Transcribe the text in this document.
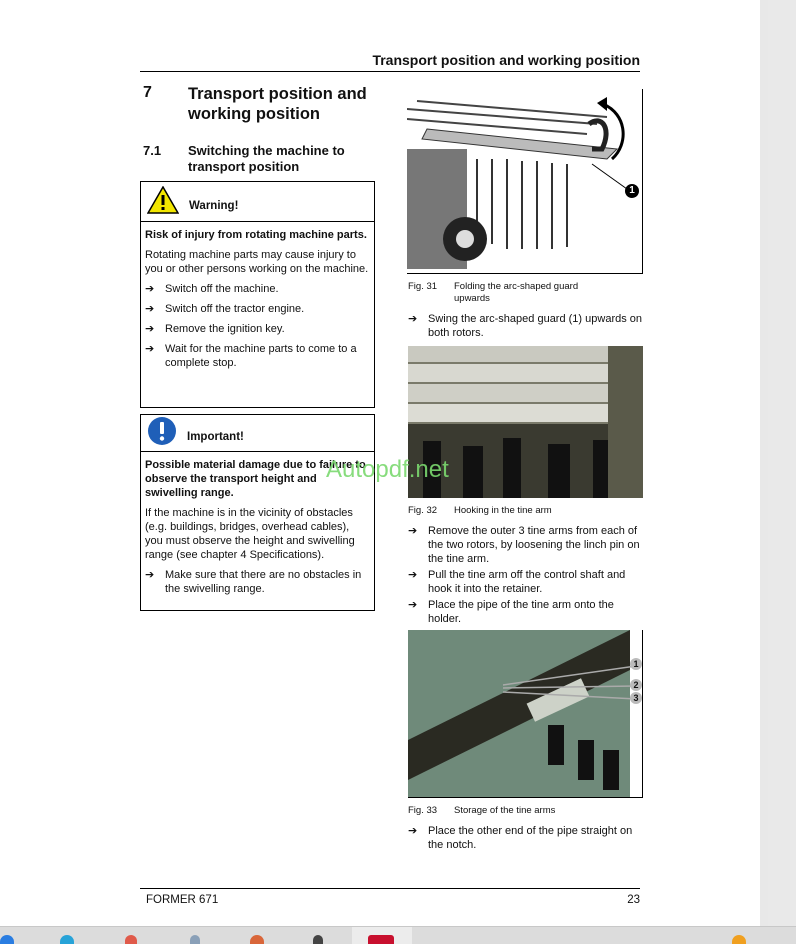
Transport position and working position
7 Transport position and working position
7.1 Switching the machine to transport position
Warning!
Risk of injury from rotating machine parts.

Rotating machine parts may cause injury to you or other persons working on the machine.

➔ Switch off the machine.
➔ Switch off the tractor engine.
➔ Remove the ignition key.
➔ Wait for the machine parts to come to a complete stop.
Important!
Possible material damage due to failure to observe the transport height and swivelling range.

If the machine is in the vicinity of obstacles (e.g. buildings, bridges, overhead cables), you must observe the height and swivelling range (see chapter 4 Specifications).

➔ Make sure that there are no obstacles in the swivelling range.
1
Fig. 31 Folding the arc-shaped guard upwards
➔ Swing the arc-shaped guard (1) upwards on both rotors.
Fig. 32 Hooking in the tine arm
➔ Remove the outer 3 tine arms from each of the two rotors, by loosening the linch pin on the tine arm.
➔ Pull the tine arm off the control shaft and hook it into the retainer.
➔ Place the pipe of the tine arm onto the holder.
1
2
3
Fig. 33 Storage of the tine arms
➔ Place the other end of the pipe straight on the notch.
Autopdf.net
FORMER 671	23
